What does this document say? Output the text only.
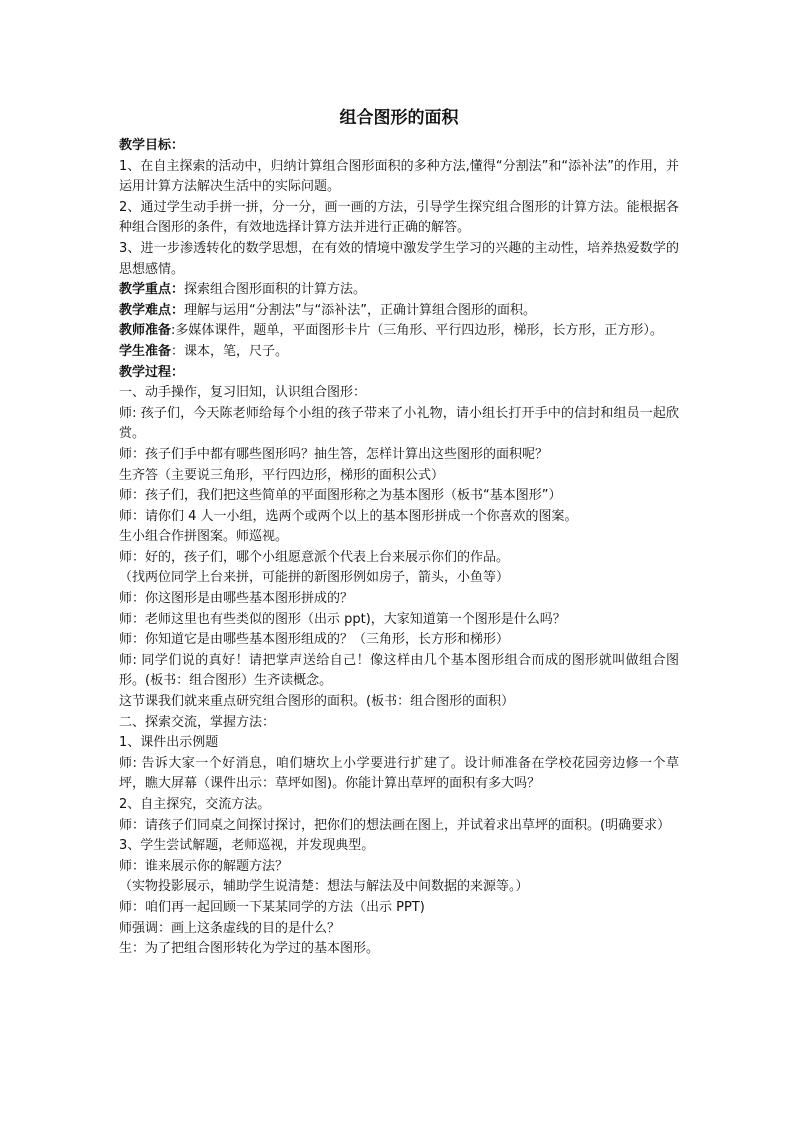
组合图形的面积

教学目标：

1、在自主探索的活动中，归纳计算组合图形面积的多种方法,懂得“分割法”和“添补法”的作用，并运用计算方法解决生活中的实际问题。

2、通过学生动手拼一拼，分一分，画一画的方法，引导学生探究组合图形的计算方法。能根据各种组合图形的条件，有效地选择计算方法并进行正确的解答。

3、进一步渗透转化的数学思想，在有效的情境中激发学生学习的兴趣的主动性，培养热爱数学的思想感情。

教学重点：探索组合图形面积的计算方法。

教学难点：理解与运用“分割法”与“添补法”，正确计算组合图形的面积。

教师准备:多媒体课件，题单，平面图形卡片（三角形、平行四边形，梯形，长方形，正方形）。

学生准备：课本，笔，尺子。

教学过程：

一、动手操作，复习旧知，认识组合图形：

师: 孩子们，今天陈老师给每个小组的孩子带来了小礼物，请小组长打开手中的信封和组员一起欣赏。

师：孩子们手中都有哪些图形吗？抽生答，怎样计算出这些图形的面积呢？

生齐答（主要说三角形，平行四边形，梯形的面积公式）

师：孩子们，我们把这些简单的平面图形称之为基本图形（板书“基本图形”）

师：请你们 4 人一小组，选两个或两个以上的基本图形拼成一个你喜欢的图案。

生小组合作拼图案。师巡视。

师：好的，孩子们，哪个小组愿意派个代表上台来展示你们的作品。

（找两位同学上台来拼，可能拼的新图形例如房子，箭头，小鱼等）

师：你这图形是由哪些基本图形拼成的？

师：老师这里也有些类似的图形（出示 ppt)，大家知道第一个图形是什么吗？

师：你知道它是由哪些基本图形组成的？（三角形，长方形和梯形）

师: 同学们说的真好！请把掌声送给自己！像这样由几个基本图形组合而成的图形就叫做组合图形。(板书：组合图形）生齐读概念。

这节课我们就来重点研究组合图形的面积。(板书：组合图形的面积）

二、探索交流，掌握方法：

1、课件出示例题

师: 告诉大家一个好消息，咱们塘坎上小学要进行扩建了。设计师准备在学校花园旁边修一个草坪，瞧大屏幕（课件出示：草坪如图)。你能计算出草坪的面积有多大吗？

2、自主探究，交流方法。

师：请孩子们同桌之间探讨探讨，把你们的想法画在图上，并试着求出草坪的面积。(明确要求）

3、学生尝试解题，老师巡视，并发现典型。

师：谁来展示你的解题方法？

（实物投影展示，辅助学生说清楚：想法与解法及中间数据的来源等。）

师：咱们再一起回顾一下某某同学的方法（出示 PPT)

师强调：画上这条虚线的目的是什么？

生：为了把组合图形转化为学过的基本图形。
